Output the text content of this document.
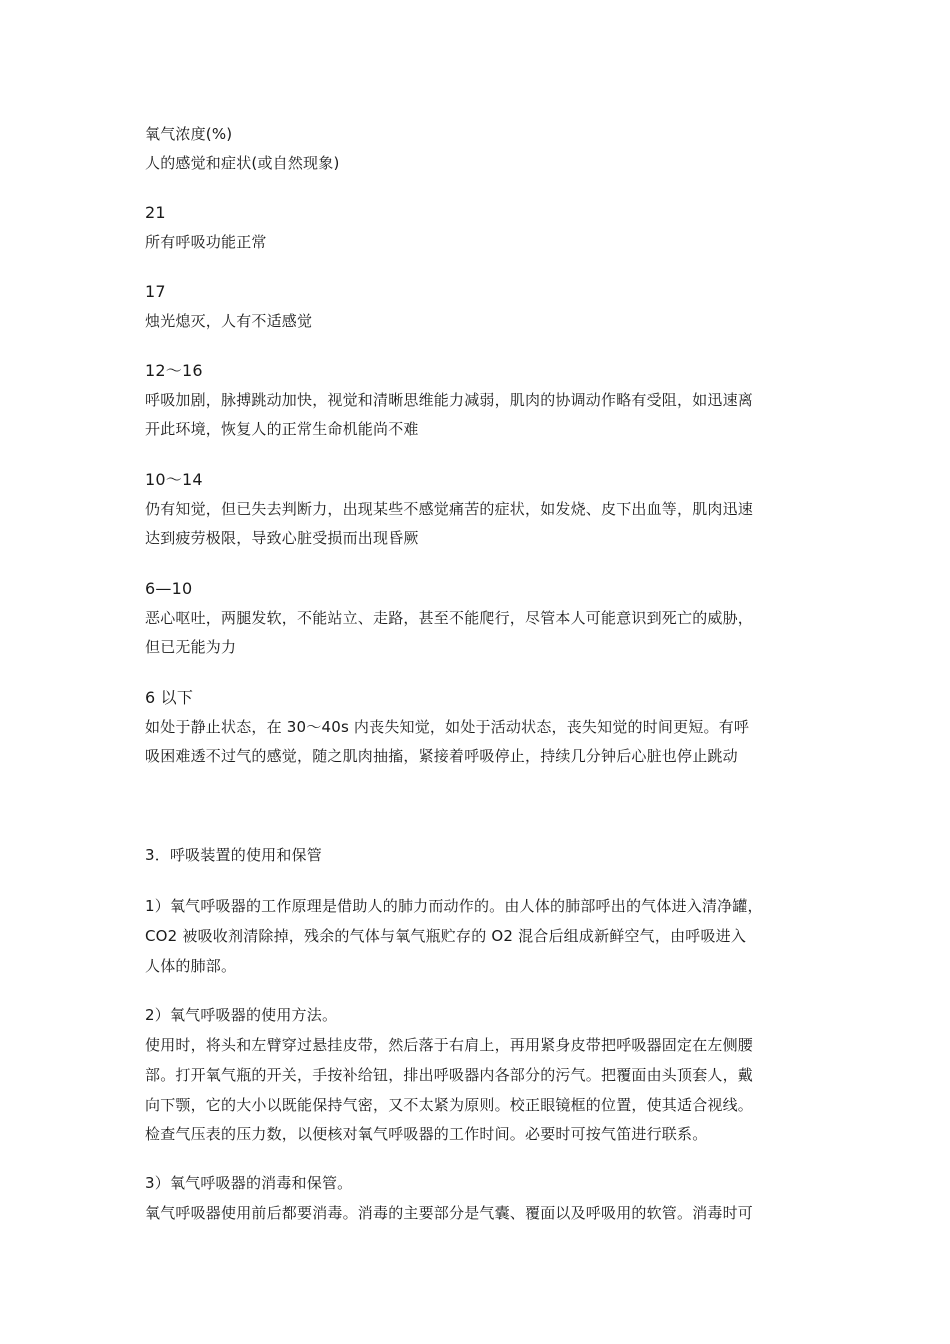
氧气浓度(%)
人的感觉和症状(或自然现象)
21
所有呼吸功能正常
17
烛光熄灭，人有不适感觉
12～16
呼吸加剧，脉搏跳动加快，视觉和清晰思维能力减弱，肌肉的协调动作略有受阻，如迅速离
开此环境，恢复人的正常生命机能尚不难
10～14
仍有知觉，但已失去判断力，出现某些不感觉痛苦的症状，如发烧、皮下出血等，肌肉迅速
达到疲劳极限，导致心脏受损而出现昏厥
6—10
恶心呕吐，两腿发软，不能站立、走路，甚至不能爬行，尽管本人可能意识到死亡的威胁，
但已无能为力
6 以下
如处于静止状态，在 30～40s 内丧失知觉，如处于活动状态，丧失知觉的时间更短。有呼
吸困难透不过气的感觉，随之肌肉抽搐，紧接着呼吸停止，持续几分钟后心脏也停止跳动
3．呼吸装置的使用和保管
1）氧气呼吸器的工作原理是借助人的肺力而动作的。由人体的肺部呼出的气体进入清净罐，
CO2 被吸收剂清除掉，残余的气体与氧气瓶贮存的 O2 混合后组成新鲜空气，由呼吸进入
人体的肺部。
2）氧气呼吸器的使用方法。
使用时，将头和左臂穿过悬挂皮带，然后落于右肩上，再用紧身皮带把呼吸器固定在左侧腰
部。打开氧气瓶的开关，手按补给钮，排出呼吸器内各部分的污气。把覆面由头顶套人，戴
向下颚，它的大小以既能保持气密，又不太紧为原则。校正眼镜框的位置，使其适合视线。
检查气压表的压力数，以便核对氧气呼吸器的工作时间。必要时可按气笛进行联系。
3）氧气呼吸器的消毒和保管。
氧气呼吸器使用前后都要消毒。消毒的主要部分是气囊、覆面以及呼吸用的软管。消毒时可
